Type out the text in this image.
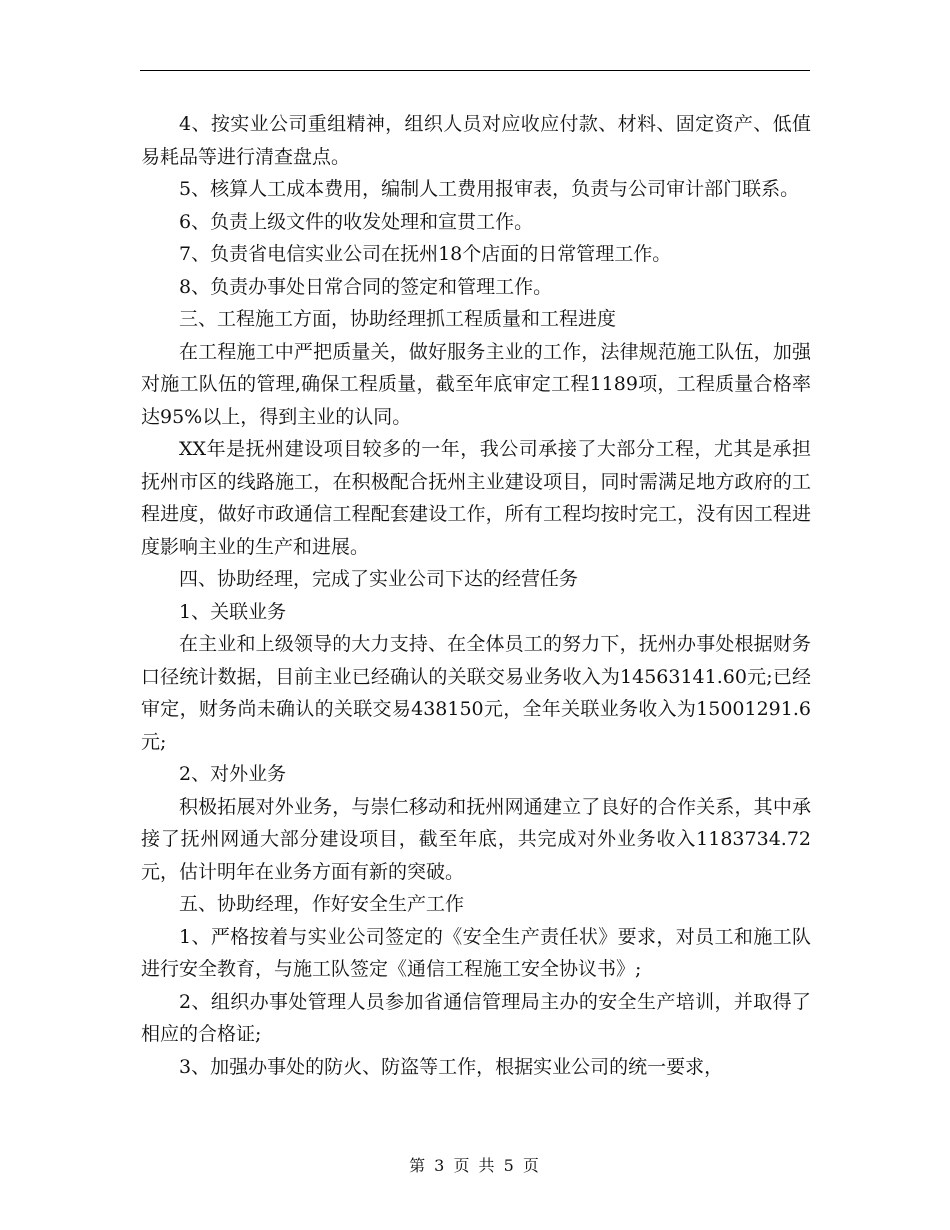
4、按实业公司重组精神，组织人员对应收应付款、材料、固定资产、低值易耗品等进行清查盘点。

5、核算人工成本费用，编制人工费用报审表，负责与公司审计部门联系。

6、负责上级文件的收发处理和宣贯工作。

7、负责省电信实业公司在抚州18个店面的日常管理工作。

8、负责办事处日常合同的签定和管理工作。

三、工程施工方面，协助经理抓工程质量和工程进度

在工程施工中严把质量关，做好服务主业的工作，法律规范施工队伍，加强对施工队伍的管理,确保工程质量，截至年底审定工程1189项，工程质量合格率达95%以上，得到主业的认同。

XX年是抚州建设项目较多的一年，我公司承接了大部分工程，尤其是承担抚州市区的线路施工，在积极配合抚州主业建设项目，同时需满足地方政府的工程进度，做好市政通信工程配套建设工作，所有工程均按时完工，没有因工程进度影响主业的生产和进展。

四、协助经理，完成了实业公司下达的经营任务

1、关联业务

在主业和上级领导的大力支持、在全体员工的努力下，抚州办事处根据财务口径统计数据，目前主业已经确认的关联交易业务收入为14563141.60元;已经审定，财务尚未确认的关联交易438150元，全年关联业务收入为15001291.6元;

2、对外业务

积极拓展对外业务，与崇仁移动和抚州网通建立了良好的合作关系，其中承接了抚州网通大部分建设项目，截至年底，共完成对外业务收入1183734.72元，估计明年在业务方面有新的突破。

五、协助经理，作好安全生产工作

1、严格按着与实业公司签定的《安全生产责任状》要求，对员工和施工队进行安全教育，与施工队签定《通信工程施工安全协议书》;

2、组织办事处管理人员参加省通信管理局主办的安全生产培训，并取得了相应的合格证;

3、加强办事处的防火、防盗等工作，根据实业公司的统一要求，

第 3 页 共 5 页
